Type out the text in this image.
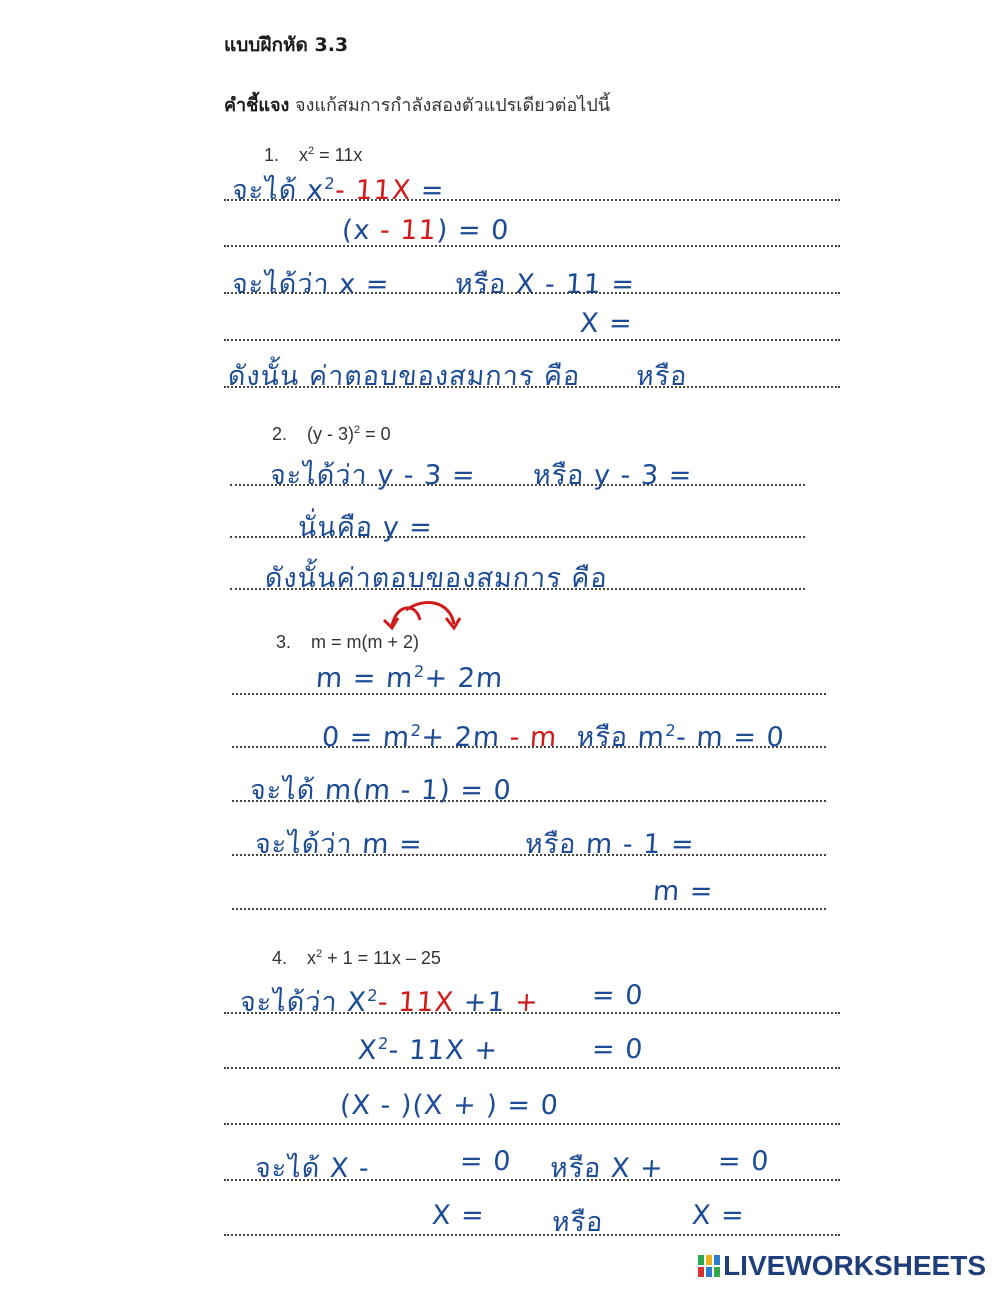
แบบฝึกหัด 3.3
คำชี้แจง จงแก้สมการกำลังสองตัวแปรเดียวต่อไปนี้
1. $x^2 = 11x$
จะได้ $x^2-$ 11X =
(x - 11) = 0
จะได้ว่า x = หรือ X - 11 =
X =
ดังนั้น ค่าตอบของสมการ คือ หรือ
2. (y - 3)$^2$ = 0
จะได้ว่า y - 3 = หรือ y - 3 =
นั่นคือ y =
ดังนั้นค่าตอบของสมการ คือ
3. m = m(m + 2)
$m = m^2+ 2m$
$0 = m^2+ 2m - m$ หรือ $m^2-$ m = 0
จะได้ m(m - 1) = 0
จะได้ว่า m =	หรือ m - 1 =
m =
4. $x^2 + 1 = 11x - 25$
จะได้ว่า $X^2-$ 11X +1 + = 0
$X^2-$ 11X +	= 0
(X - )(X + ) = 0
จะได้ X -	= 0 หรือ X + = 0
X = หรือ	X =
LIVEWORKSHEETS
